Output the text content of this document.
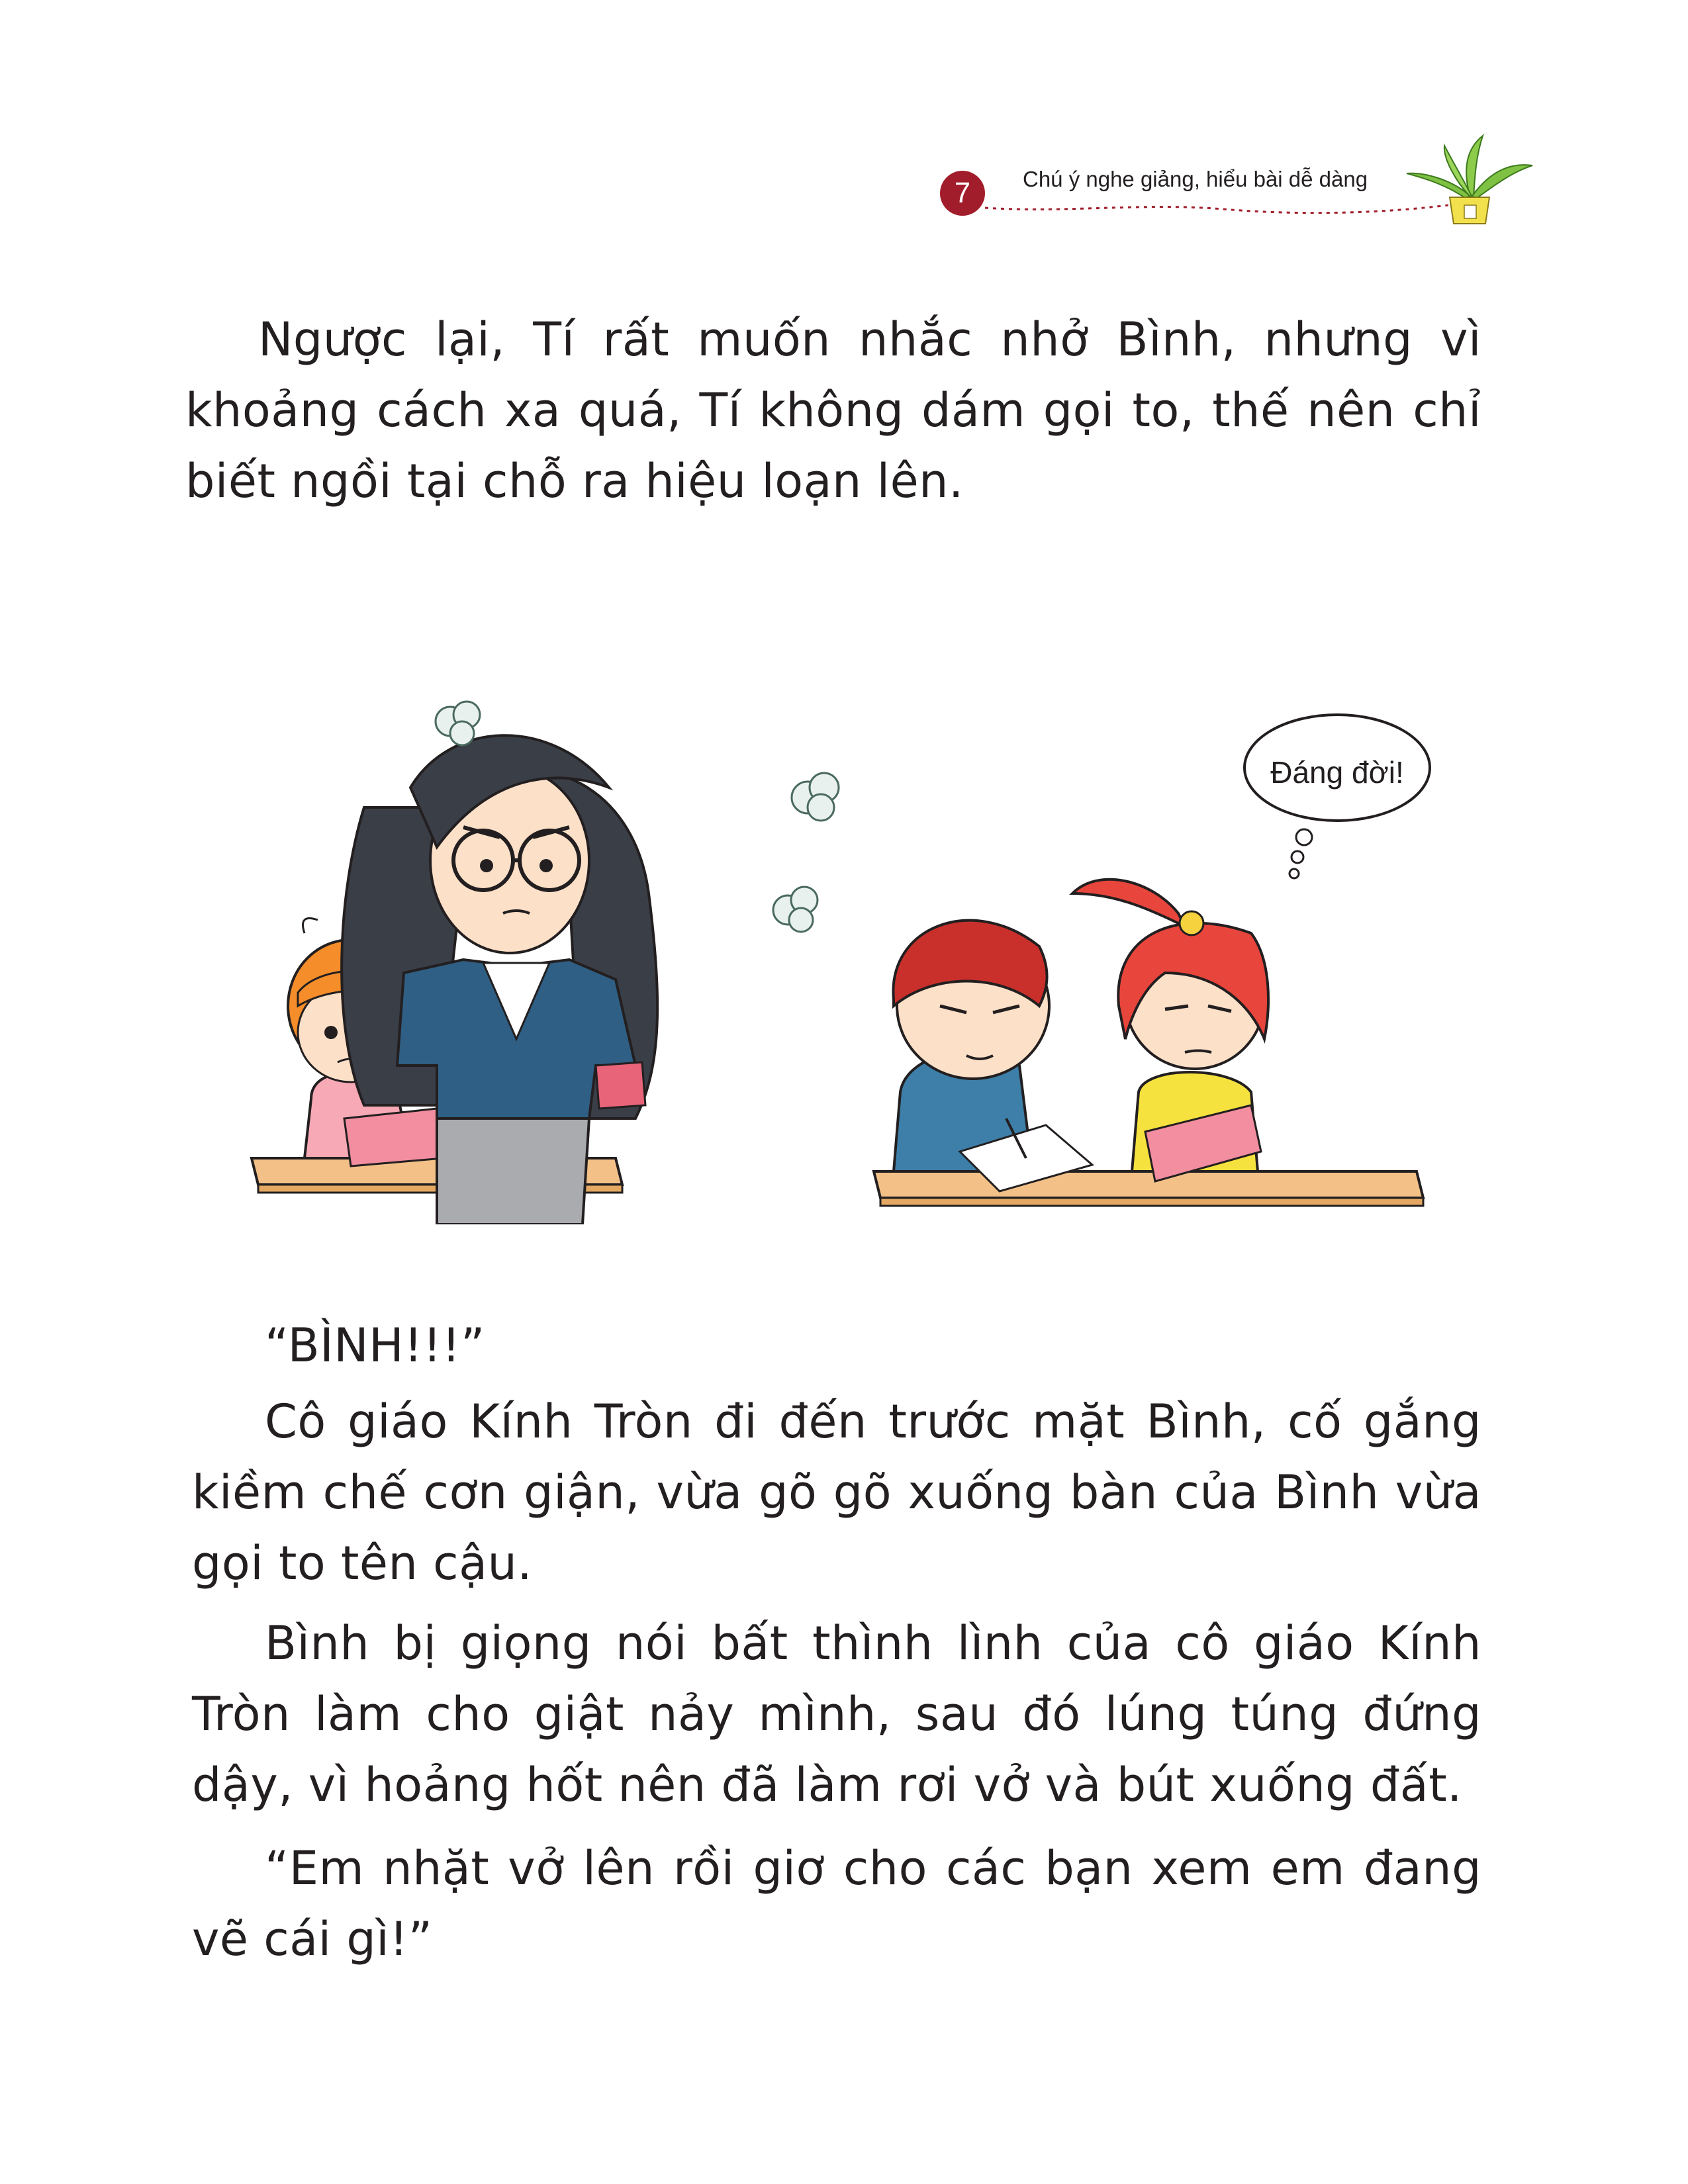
7	Chú ý nghe giảng, hiểu bài dễ dàng

Ngược lại, Tí rất muốn nhắc nhở Bình, nhưng vì khoảng cách xa quá, Tí không dám gọi to, thế nên chỉ biết ngồi tại chỗ ra hiệu loạn lên.

Đáng đời!

“BÌNH!!!”

Cô giáo Kính Tròn đi đến trước mặt Bình, cố gắng kiềm chế cơn giận, vừa gõ gõ xuống bàn của Bình vừa gọi to tên cậu.

Bình bị giọng nói bất thình lình của cô giáo Kính Tròn làm cho giật nảy mình, sau đó lúng túng đứng dậy, vì hoảng hốt nên đã làm rơi vở và bút xuống đất.

“Em nhặt vở lên rồi giơ cho các bạn xem em đang vẽ cái gì!”
